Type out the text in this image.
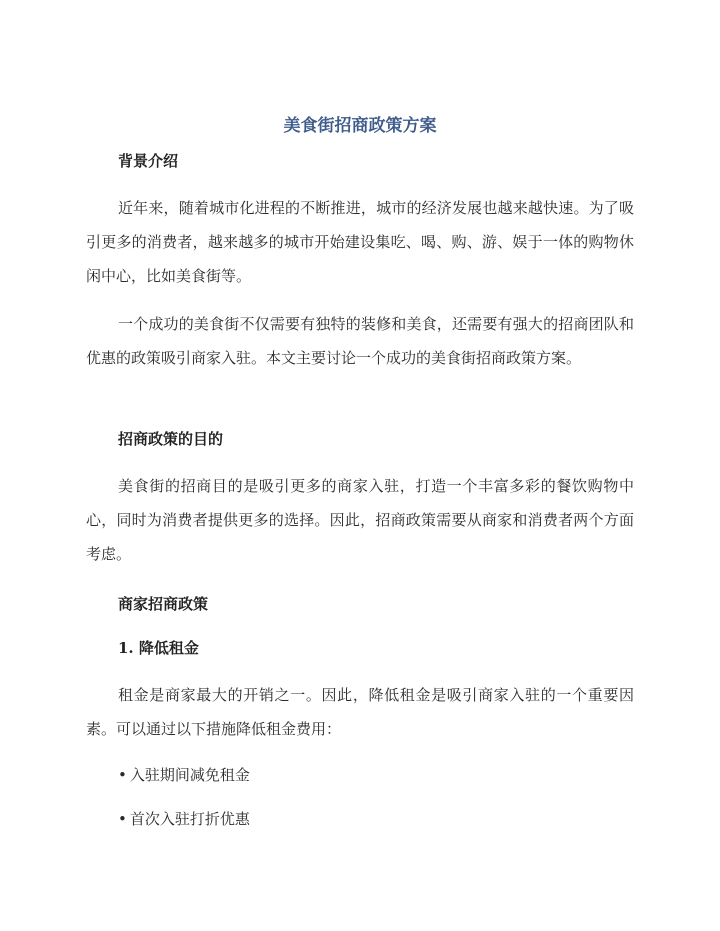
美食街招商政策方案
背景介绍
近年来，随着城市化进程的不断推进，城市的经济发展也越来越快速。为了吸引更多的消费者，越来越多的城市开始建设集吃、喝、购、游、娱于一体的购物休闲中心，比如美食街等。
一个成功的美食街不仅需要有独特的装修和美食，还需要有强大的招商团队和优惠的政策吸引商家入驻。本文主要讨论一个成功的美食街招商政策方案。
招商政策的目的
美食街的招商目的是吸引更多的商家入驻，打造一个丰富多彩的餐饮购物中心，同时为消费者提供更多的选择。因此，招商政策需要从商家和消费者两个方面考虑。
商家招商政策
1. 降低租金
租金是商家最大的开销之一。因此，降低租金是吸引商家入驻的一个重要因素。可以通过以下措施降低租金费用：
• 入驻期间减免租金
• 首次入驻打折优惠
